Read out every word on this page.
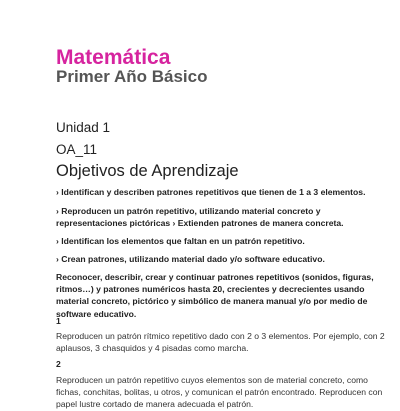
Matemática
Primer Año Básico
Unidad 1
OA_11
Objetivos de Aprendizaje
› Identifican y describen patrones repetitivos que tienen de 1 a 3 elementos.
› Reproducen un patrón repetitivo, utilizando material concreto y representaciones pictóricas › Extienden patrones de manera concreta.
› Identifican los elementos que faltan en un patrón repetitivo.
› Crean patrones, utilizando material dado y/o software educativo.
Reconocer, describir, crear y continuar patrones repetitivos (sonidos, figuras, ritmos…) y patrones numéricos hasta 20, crecientes y decrecientes usando material concreto, pictórico y simbólico de manera manual y/o por medio de software educativo.
1
Reproducen un patrón rítmico repetitivo dado con 2 o 3 elementos. Por ejemplo, con 2 aplausos, 3 chasquidos y 4 pisadas como marcha.
2
Reproducen un patrón repetitivo cuyos elementos son de material concreto, como fichas, conchitas, bolitas, u otros, y comunican el patrón encontrado. Reproducen con papel lustre cortado de manera adecuada el patrón.
